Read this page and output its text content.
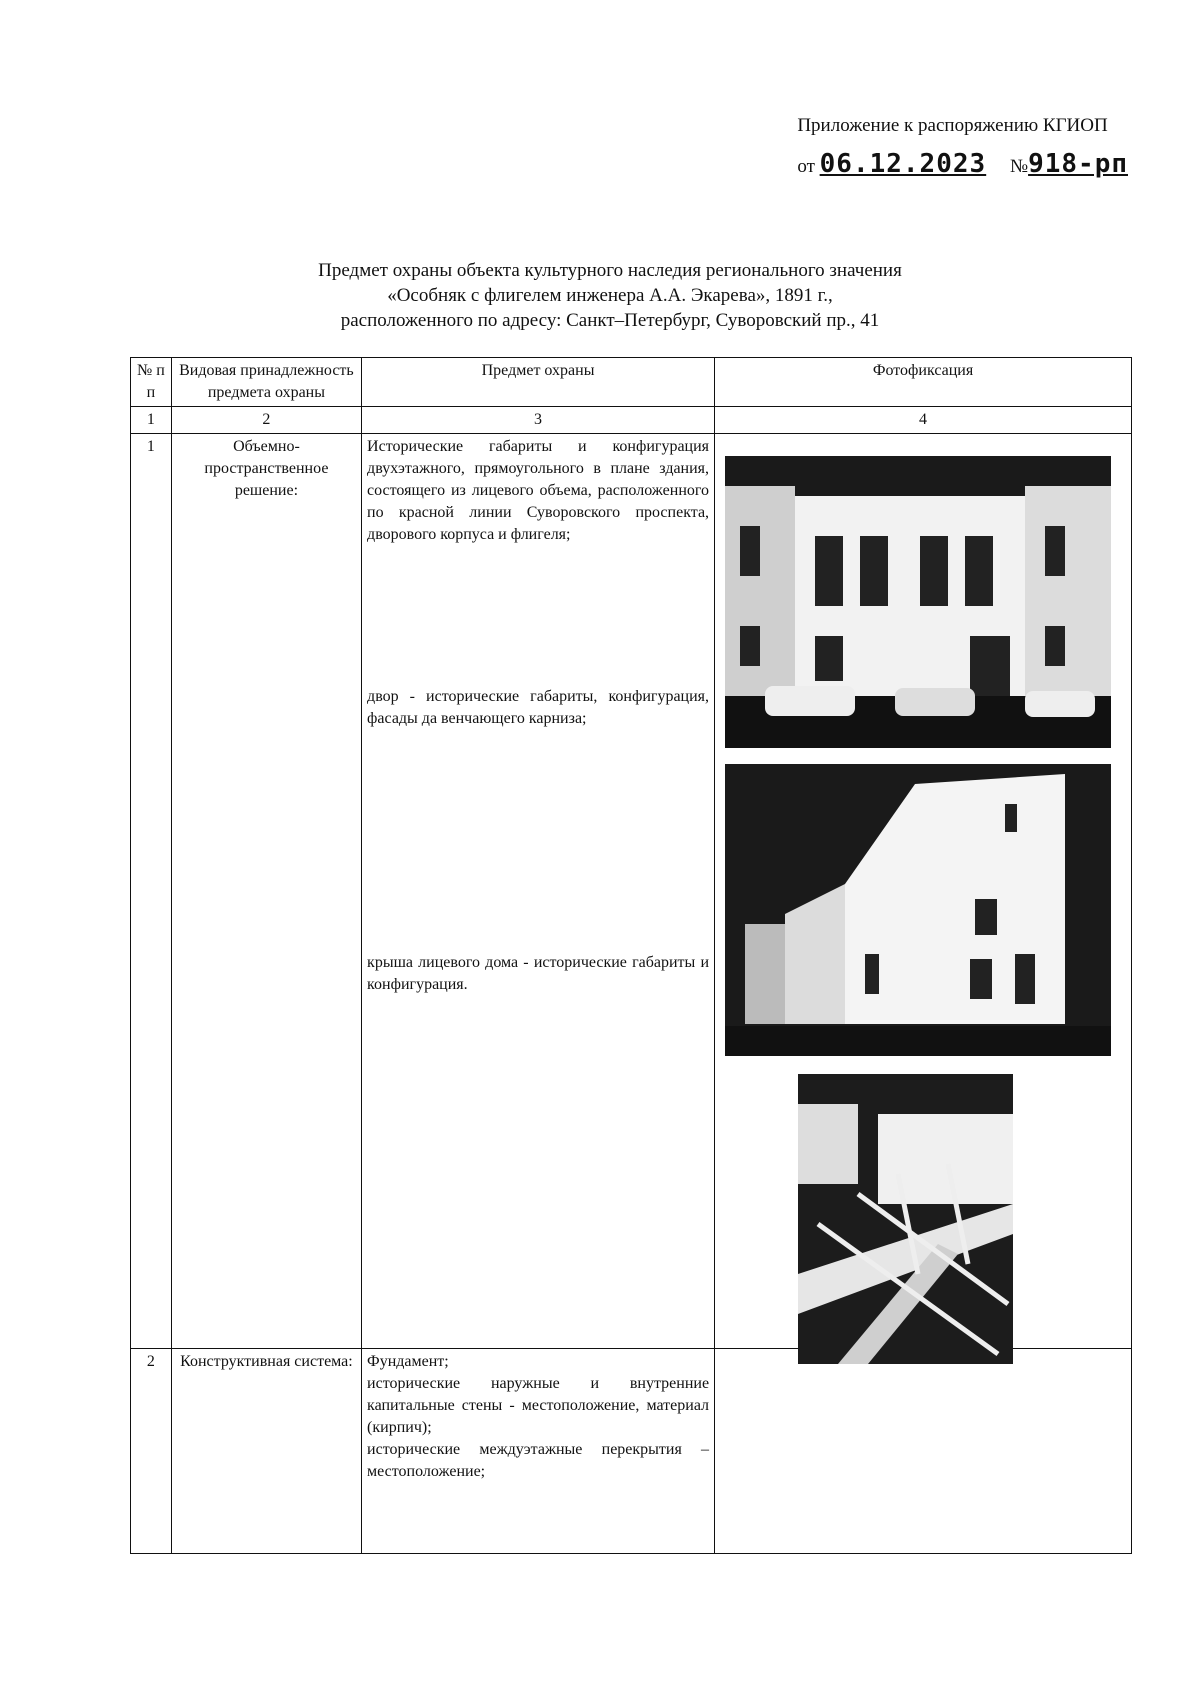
Приложение к распоряжению КГИОП
от 06.12.2023 №918-рп
Предмет охраны объекта культурного наследия регионального значения
«Особняк с флигелем инженера А.А. Экарева», 1891 г.,
расположенного по адресу: Санкт–Петербург, Суворовский пр., 41
№ п п	Видовая принадлежность предмета охраны	Предмет охраны	Фотофиксация
1	2	3	4
1	Объемно-пространственное решение:	Исторические габариты и конфигурация двухэтажного, прямоугольного в плане здания, состоящего из лицевого объема, расположенного по красной линии Суворовского проспекта, дворового корпуса и флигеля;
двор - исторические габариты, конфигурация, фасады да венчающего карниза;
крыша лицевого дома - исторические габариты и конфигурация.

2	Конструктивная система:	Фундамент;
исторические наружные и внутренние капитальные стены - местоположение, материал (кирпич);
исторические междуэтажные перекрытия – местоположение;	
